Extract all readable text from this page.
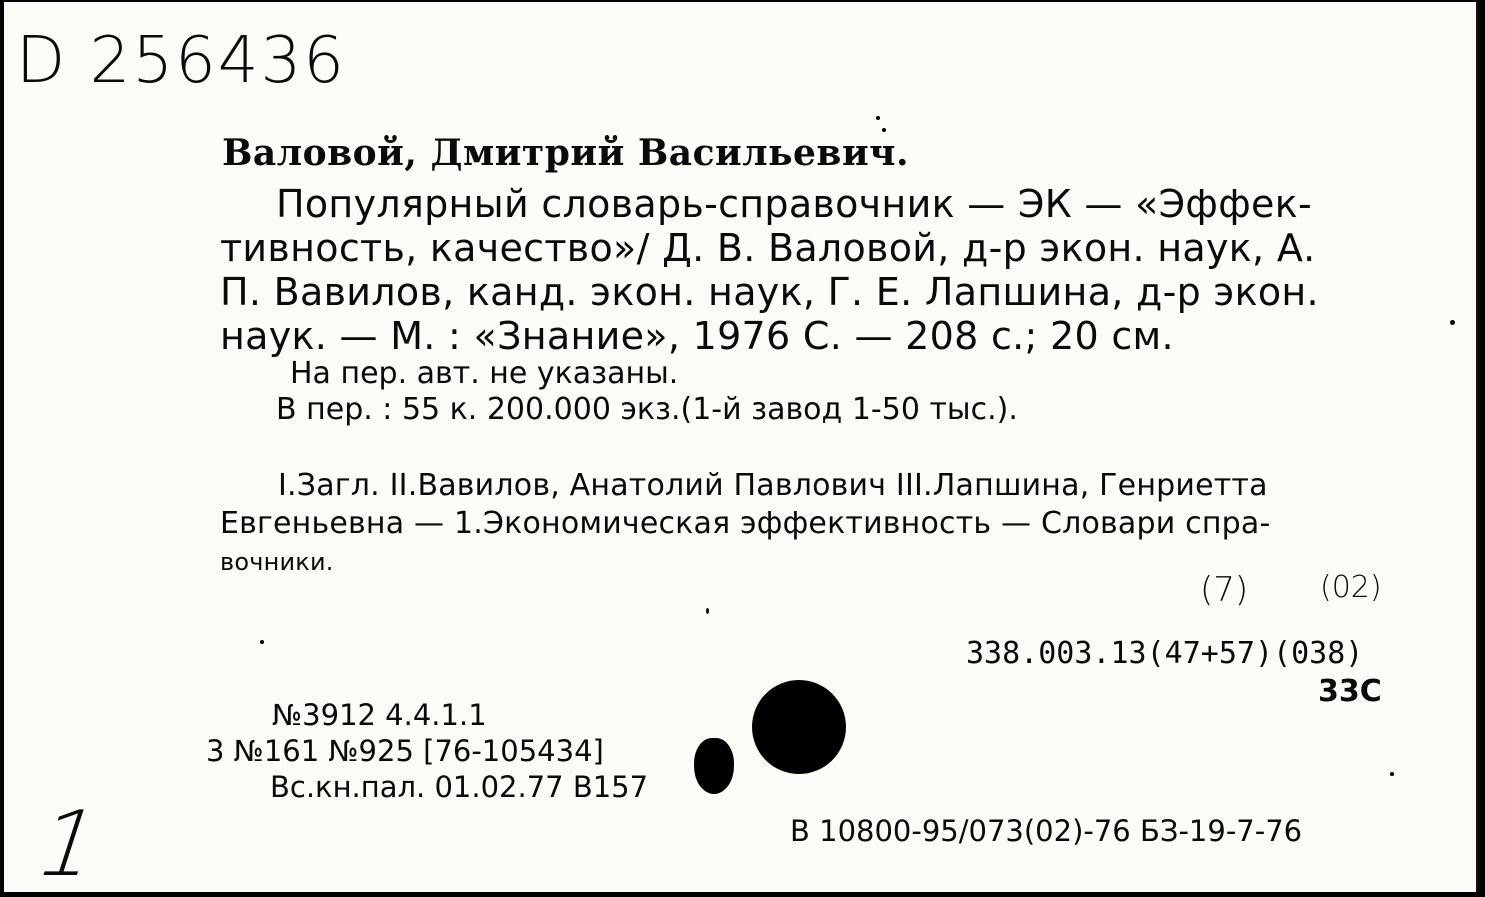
D 256436
Валовой, Дмитрий Васильевич.
Популярный словарь-справочник — ЭК — «Эффек-
тивность, качество»/ Д. В. Валовой, д-р экон. наук, А.
П. Вавилов, канд. экон. наук, Г. Е. Лапшина, д-р экон.
наук. — М. : «Знание», 1976 С. — 208 с.; 20 см.
На пер. авт. не указаны.
В пер. : 55 к. 200.000 экз.(1-й завод 1-50 тыс.).
I.Загл. II.Вавилов, Анатолий Павлович III.Лапшина, Генриетта
Евгеньевна — 1.Экономическая эффективность — Словари спра-
вочники.
(7) (02)
338.003.13(47+57)(038)
33С
№3912 4.4.1.1
3 №161 №925 [76-105434]
Вс.кн.пал. 01.02.77 В157
В 10800-95/073(02)-76 БЗ-19-7-76
1
